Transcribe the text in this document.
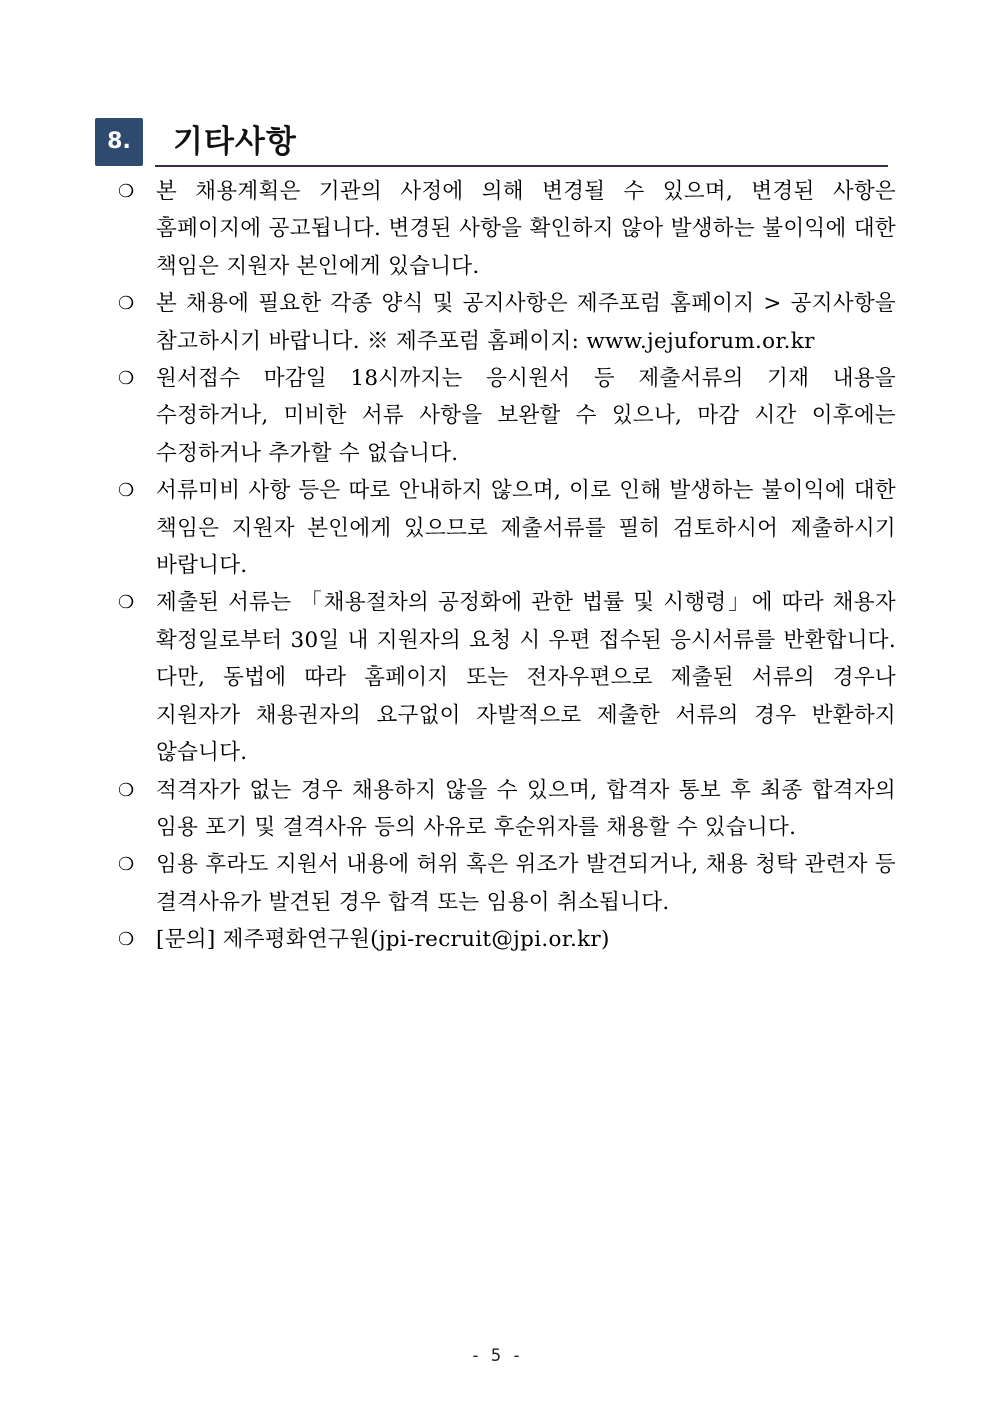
8.	기타사항
❍	본 채용계획은 기관의 사정에 의해 변경될 수 있으며, 변경된 사항은 홈페이지에 공고됩니다. 변경된 사항을 확인하지 않아 발생하는 불이익에 대한 책임은 지원자 본인에게 있습니다.
❍	본 채용에 필요한 각종 양식 및 공지사항은 제주포럼 홈페이지 > 공지사항을 참고하시기 바랍니다. ※ 제주포럼 홈페이지: www.jejuforum.or.kr
❍	원서접수 마감일 18시까지는 응시원서 등 제출서류의 기재 내용을 수정하거나, 미비한 서류 사항을 보완할 수 있으나, 마감 시간 이후에는 수정하거나 추가할 수 없습니다.
❍	서류미비 사항 등은 따로 안내하지 않으며, 이로 인해 발생하는 불이익에 대한 책임은 지원자 본인에게 있으므로 제출서류를 필히 검토하시어 제출하시기 바랍니다.
❍	제출된 서류는 「채용절차의 공정화에 관한 법률 및 시행령」에 따라 채용자 확정일로부터 30일 내 지원자의 요청 시 우편 접수된 응시서류를 반환합니다. 다만, 동법에 따라 홈페이지 또는 전자우편으로 제출된 서류의 경우나 지원자가 채용권자의 요구없이 자발적으로 제출한 서류의 경우 반환하지 않습니다.
❍	적격자가 없는 경우 채용하지 않을 수 있으며, 합격자 통보 후 최종 합격자의 임용 포기 및 결격사유 등의 사유로 후순위자를 채용할 수 있습니다.
❍	임용 후라도 지원서 내용에 허위 혹은 위조가 발견되거나, 채용 청탁 관련자 등 결격사유가 발견된 경우 합격 또는 임용이 취소됩니다.
❍	[문의] 제주평화연구원(jpi-recruit@jpi.or.kr)
- 5 -
